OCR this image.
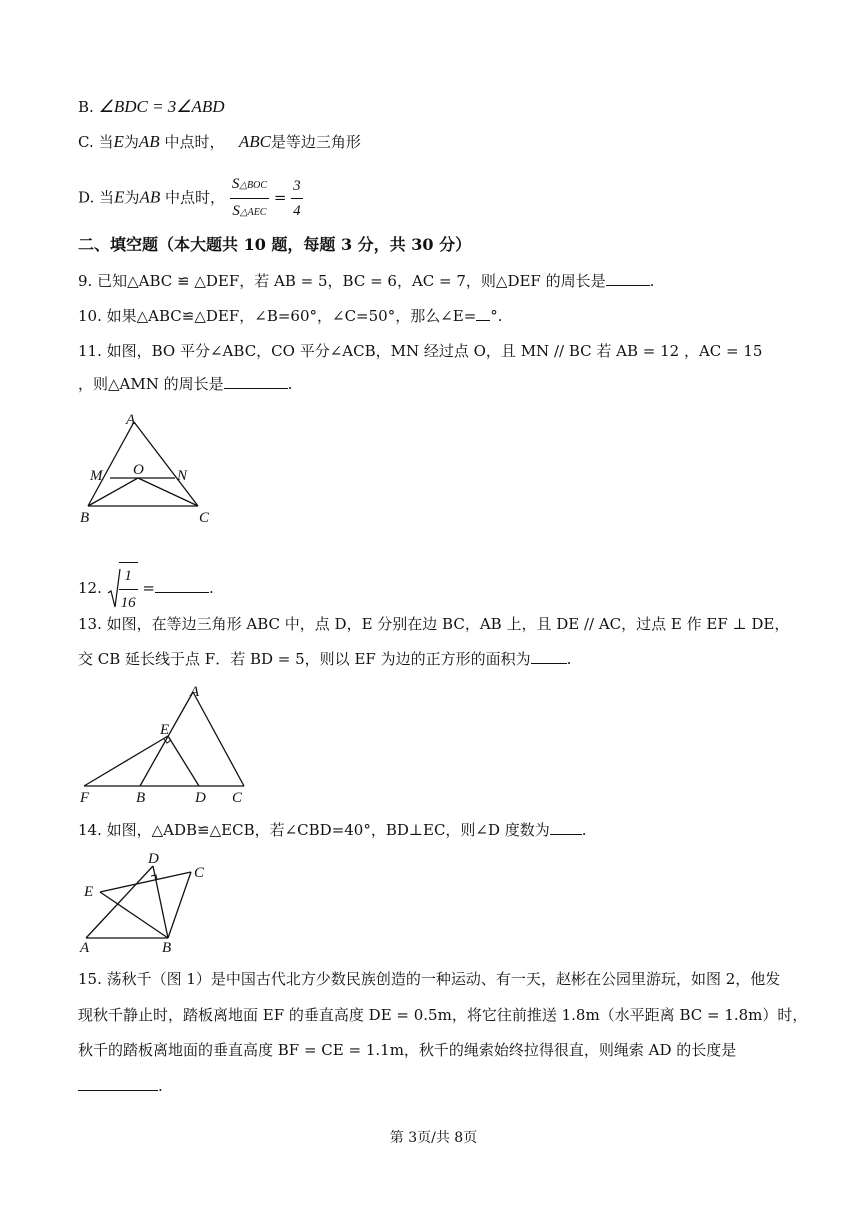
B. ∠BDC = 3∠ABD
C. 当E为AB 中点时， ABC是等边三角形
D. 当E为AB 中点时， $\frac{\text{S△BOC}}{\text{S△AEC}} = \frac{3}{4}$
二、填空题（本大题共 10 题，每题 3 分，共 30 分）
9. 已知△ABC ≌ △DEF，若 AB = 5，BC = 6，AC = 7，则△DEF 的周长是	.
10. 如果△ABC≌△DEF，∠B=60°，∠C=50°，那么∠E= °.
11. 如图，BO 平分∠ABC，CO 平分∠ACB，MN 经过点 O，且 MN // BC 若 AB = 12 ，AC = 15
，则△AMN 的周长是	.
A
M O N
B	C
12. $\frac{1}{16}$ =	.
13. 如图，在等边三角形 ABC 中，点 D，E 分别在边 BC，AB 上，且 DE // AC，过点 E 作 EF ⊥ DE，
交 CB 延长线于点 F．若 BD = 5，则以 EF 为边的正方形的面积为 .
A
E
F	B	D C
14. 如图，△ADB≌△ECB，若∠CBD=40°，BD⊥EC，则∠D 度数为 .
D
C
E
A	B
15. 荡秋千（图 1）是中国古代北方少数民族创造的一种运动、有一天，赵彬在公园里游玩，如图 2，他发
现秋千静止时，踏板离地面 EF 的垂直高度 DE = 0.5m，将它往前推送 1.8m（水平距离 BC = 1.8m）时，
秋千的踏板离地面的垂直高度 BF = CE = 1.1m，秋千的绳索始终拉得很直，则绳索 AD 的长度是
.
第 3页/共 8页
